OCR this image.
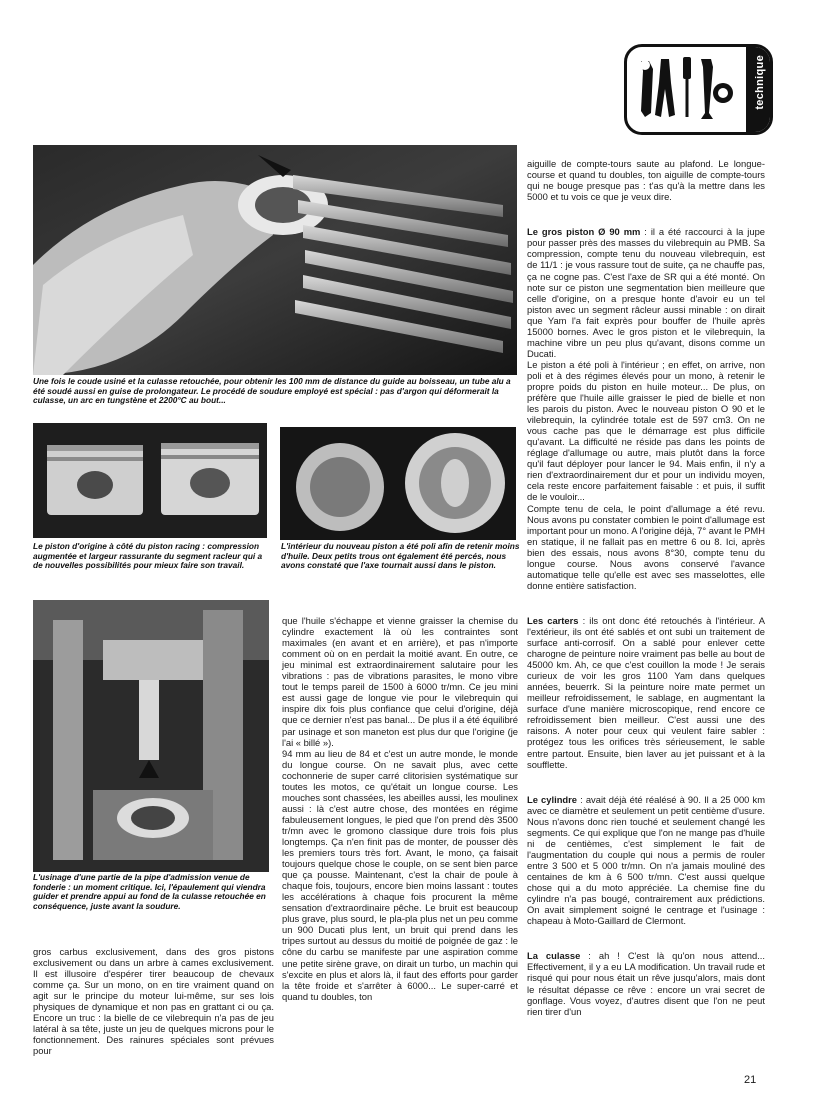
technique
Une fois le coude usiné et la culasse retouchée, pour obtenir les 100 mm de distance du guide au boisseau, un tube alu a été soudé aussi en guise de prolongateur. Le procédé de soudure employé est spécial : pas d'argon qui déformerait la culasse, un arc en tungstène et 2200°C au bout...
Le piston d'origine à côté du piston racing : compression augmentée et largeur rassurante du segment racleur qui a de nouvelles possibilités pour mieux faire son travail.
L'intérieur du nouveau piston a été poli afin de retenir moins d'huile. Deux petits trous ont également été percés, nous avons constaté que l'axe tournait aussi dans le piston.
L'usinage d'une partie de la pipe d'admission venue de fonderie : un moment critique. Ici, l'épaulement qui viendra guider et prendre appui au fond de la culasse retouchée en conséquence, juste avant la soudure.

gros carbus exclusivement, dans des gros pistons exclusivement ou dans un arbre à cames exclusivement. Il est illusoire d'espérer tirer beaucoup de chevaux comme ça. Sur un mono, on en tire vraiment quand on agit sur le principe du moteur lui-même, sur ses lois physiques de dynamique et non pas en grattant ci ou ça. Encore un truc : la bielle de ce vilebrequin n'a pas de jeu latéral à sa tête, juste un jeu de quelques microns pour le fonctionnement. Des rainures spéciales sont prévues pour

que l'huile s'échappe et vienne graisser la chemise du cylindre exactement là où les contraintes sont maximales (en avant et en arrière), et pas n'importe comment où on en perdait la moitié avant. En outre, ce jeu minimal est extraordinairement salutaire pour les vibrations : pas de vibrations parasites, le mono vibre tout le temps pareil de 1500 à 6000 tr/mn. Ce jeu mini est aussi gage de longue vie pour le vilebrequin qui inspire dix fois plus confiance que celui d'origine, déjà que ce dernier n'est pas banal... De plus il a été équilibré par usinage et son maneton est plus dur que l'origine (je l'ai « billé »).
94 mm au lieu de 84 et c'est un autre monde, le monde du longue course. On ne savait plus, avec cette cochonnerie de super carré clitorisien systématique sur toutes les motos, ce qu'était un longue course. Les mouches sont chassées, les abeilles aussi, les moulinex aussi : là c'est autre chose, des montées en régime fabuleusement longues, le pied que l'on prend dès 3500 tr/mn avec le gromono classique dure trois fois plus longtemps. Ça n'en finit pas de monter, de pousser dès les premiers tours très fort. Avant, le mono, ça faisait toujours quelque chose le couple, on se sent bien parce que ça pousse. Maintenant, c'est la chair de poule à chaque fois, toujours, encore bien moins lassant : toutes les accélérations à chaque fois procurent la même sensation d'extraordinaire pêche. Le bruit est beaucoup plus grave, plus sourd, le pla-pla plus net un peu comme un 900 Ducati plus lent, un bruit qui prend dans les tripes surtout au dessus du moitié de poignée de gaz : le cône du carbu se manifeste par une aspiration comme une petite sirène grave, on dirait un turbo, un machin qui s'excite en plus et alors là, il faut des efforts pour garder la tête froide et s'arrêter à 6000... Le super-carré et quand tu doubles, ton

aiguille de compte-tours saute au plafond. Le longue-course et quand tu doubles, ton aiguille de compte-tours qui ne bouge presque pas : t'as qu'à la mettre dans les 5000 et tu vois ce que je veux dire.

Le gros piston Ø 90 mm : il a été raccourci à la jupe pour passer près des masses du vilebrequin au PMB. Sa compression, compte tenu du nouveau vilebrequin, est de 11/1 : je vous rassure tout de suite, ça ne chauffe pas, ça ne cogne pas. C'est l'axe de SR qui a été monté. On note sur ce piston une segmentation bien meilleure que celle d'origine, on a presque honte d'avoir eu un tel piston avec un segment râcleur aussi minable : on dirait que Yam l'a fait exprès pour bouffer de l'huile après 15000 bornes. Avec le gros piston et le vilebrequin, la machine vibre un peu plus qu'avant, disons comme un Ducati.
Le piston a été poli à l'intérieur ; en effet, on arrive, non poli et à des régimes élevés pour un mono, à retenir le propre poids du piston en huile moteur... De plus, on préfère que l'huile aille graisser le pied de bielle et non les parois du piston. Avec le nouveau piston O 90 et le vilebrequin, la cylindrée totale est de 597 cm3. On ne vous cache pas que le démarrage est plus difficile qu'avant. La difficulté ne réside pas dans les points de réglage d'allumage ou autre, mais plutôt dans la force qu'il faut déployer pour lancer le 94. Mais enfin, il n'y a rien d'extraordinairement dur et pour un individu moyen, cela reste encore parfaitement faisable : et puis, il suffit de le vouloir...
Compte tenu de cela, le point d'allumage a été revu. Nous avons pu constater combien le point d'allumage est important pour un mono. A l'origine déjà, 7° avant le PMH en statique, il ne fallait pas en mettre 6 ou 8. Ici, après bien des essais, nous avons 8°30, compte tenu du longue course. Nous avons conservé l'avance automatique telle qu'elle est avec ses masselottes, elle donne entière satisfaction.

Les carters : ils ont donc été retouchés à l'intérieur. A l'extérieur, ils ont été sablés et ont subi un traitement de surface anti-corrosif. On a sablé pour enlever cette charogne de peinture noire vraiment pas belle au bout de 45000 km. Ah, ce que c'est couillon la mode ! Je serais curieux de voir les gros 1100 Yam dans quelques années, beuerrk. Si la peinture noire mate permet un meilleur refroidissement, le sablage, en augmentant la surface d'une manière microscopique, rend encore ce refroidissement bien meilleur. C'est aussi une des raisons. A noter pour ceux qui veulent faire sabler : protégez tous les orifices très sérieusement, le sable entre partout. Ensuite, bien laver au jet puissant et à la soufflette.

Le cylindre : avait déjà été réalésé à 90. Il a 25 000 km avec ce diamètre et seulement un petit centième d'usure. Nous n'avons donc rien touché et seulement changé les segments. Ce qui explique que l'on ne mange pas d'huile ni de centièmes, c'est simplement le fait de l'augmentation du couple qui nous a permis de rouler entre 3 500 et 5 000 tr/mn. On n'a jamais mouliné des centaines de km à 6 500 tr/mn. C'est aussi quelque chose qui a du moto appréciée. La chemise fine du cylindre n'a pas bougé, contrairement aux prédictions. On avait simplement soigné le centrage et l'usinage : chapeau à Moto-Gaillard de Clermont.

La culasse : ah ! C'est là qu'on nous attend... Effectivement, il y a eu LA modification. Un travail rude et risqué qui pour nous était un rêve jusqu'alors, mais dont le résultat dépasse ce rêve : encore un vrai secret de gonflage. Vous voyez, d'autres disent que l'on ne peut rien tirer d'un

21
